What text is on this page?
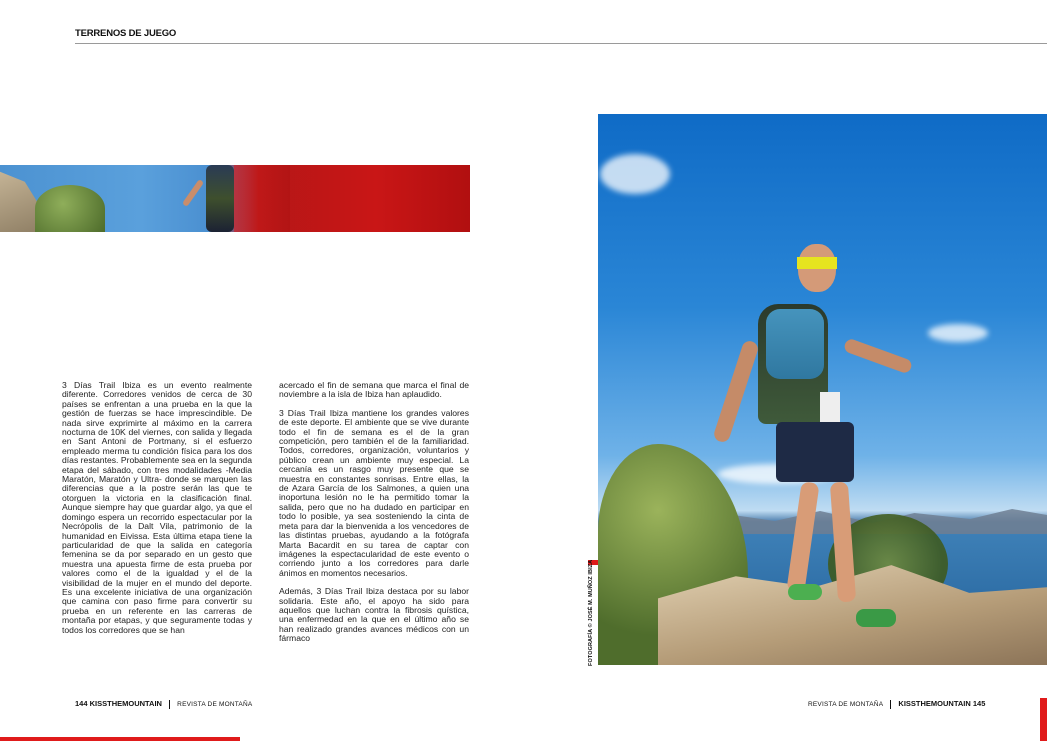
TERRENOS DE JUEGO

3 Días Trail Ibiza es un evento realmente diferente. Corredores venidos de cerca de 30 países se enfrentan a una prueba en la que la gestión de fuerzas se hace imprescindible. De nada sirve exprimirte al máximo en la carrera nocturna de 10K del viernes, con salida y llegada en Sant Antoni de Portmany, si el esfuerzo empleado merma tu condición física para los dos días restantes. Probablemente sea en la segunda etapa del sábado, con tres modalidades -Media Maratón, Maratón y Ultra- donde se marquen las diferencias que a la postre serán las que te otorguen la victoria en la clasificación final. Aunque siempre hay que guardar algo, ya que el domingo espera un recorrido espectacular por la Necrópolis de la Dalt Vila, patrimonio de la humanidad en Eivissa. Esta última etapa tiene la particularidad de que la salida en categoría femenina se da por separado en un gesto que muestra una apuesta firme de esta prueba por valores como el de la igualdad y el de la visibilidad de la mujer en el mundo del deporte. Es una excelente iniciativa de una organización que camina con paso firme para convertir su prueba en un referente en las carreras de montaña por etapas, y que seguramente todas y todos los corredores que se han

acercado el fin de semana que marca el final de noviembre a la isla de Ibiza han aplaudido.

3 Días Trail Ibiza mantiene los grandes valores de este deporte. El ambiente que se vive durante todo el fin de semana es el de la gran competición, pero también el de la familiaridad. Todos, corredores, organización, voluntarios y público crean un ambiente muy especial. La cercanía es un rasgo muy presente que se muestra en constantes sonrisas. Entre ellas, la de Azara García de los Salmones, a quien una inoportuna lesión no le ha permitido tomar la salida, pero que no ha dudado en participar en todo lo posible, ya sea sosteniendo la cinta de meta para dar la bienvenida a los vencedores de las distintas pruebas, ayudando a la fotógrafa Marta Bacardit en su tarea de captar con imágenes la espectacularidad de este evento o corriendo junto a los corredores para darle ánimos en momentos necesarios.

Además, 3 Días Trail Ibiza destaca por su labor solidaria. Este año, el apoyo ha sido para aquellos que luchan contra la fibrosis quística, una enfermedad en la que en el último año se han realizado grandes avances médicos con un fármaco

144 KISSTHEMOUNTAIN REVISTA DE MONTAÑA	REVISTA DE MONTAÑA KISSTHEMOUNTAIN 145
FOTOGRAFÍA © JOSÉ M. MUÑOZ IBIZA
